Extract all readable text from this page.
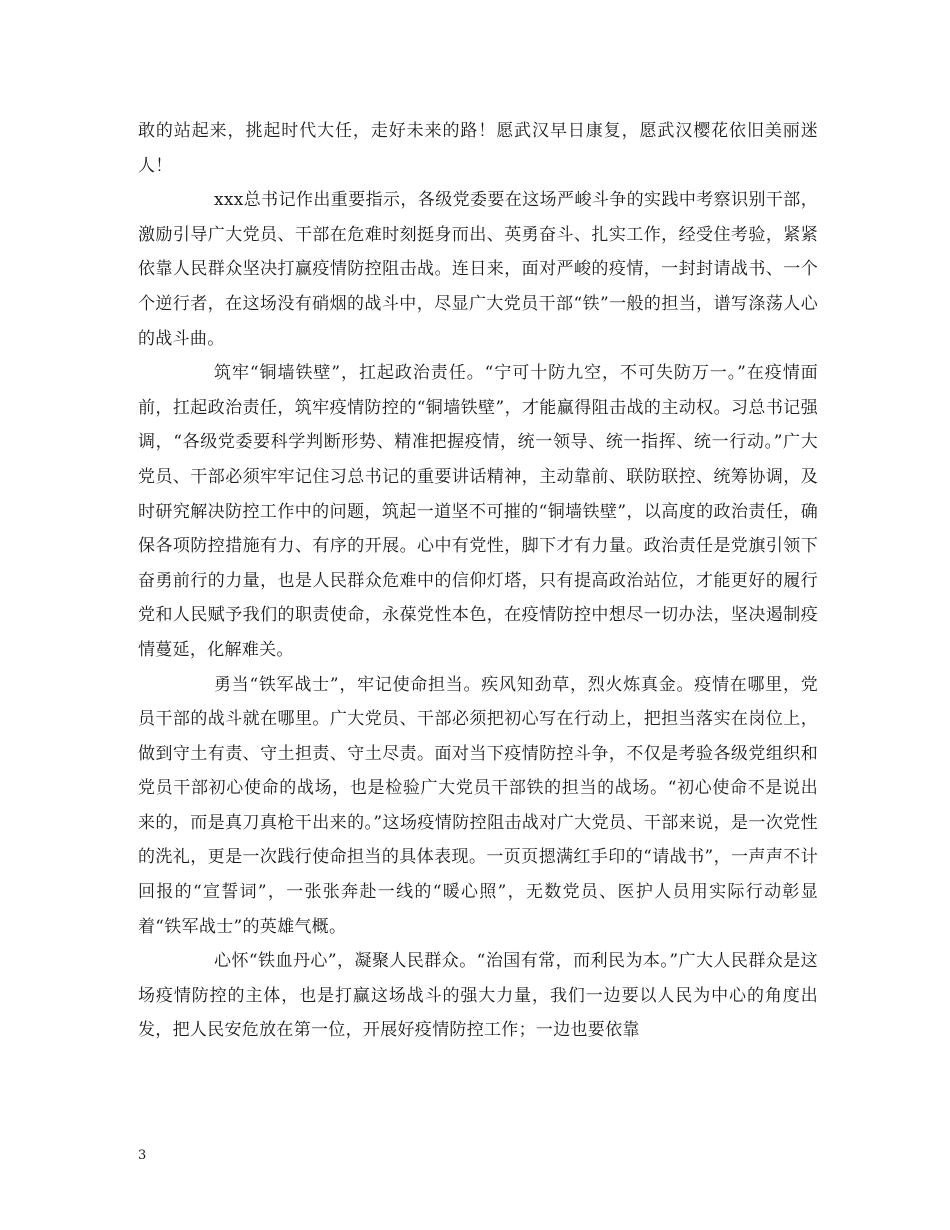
敢的站起来，挑起时代大任，走好未来的路！愿武汉早日康复，愿武汉樱花依旧美丽迷人！

xxx总书记作出重要指示，各级党委要在这场严峻斗争的实践中考察识别干部，激励引导广大党员、干部在危难时刻挺身而出、英勇奋斗、扎实工作，经受住考验，紧紧依靠人民群众坚决打赢疫情防控阻击战。连日来，面对严峻的疫情，一封封请战书、一个个逆行者，在这场没有硝烟的战斗中，尽显广大党员干部“铁”一般的担当，谱写涤荡人心的战斗曲。

筑牢“铜墙铁壁”，扛起政治责任。“宁可十防九空，不可失防万一。”在疫情面前，扛起政治责任，筑牢疫情防控的“铜墙铁壁”，才能赢得阻击战的主动权。习总书记强调，“各级党委要科学判断形势、精准把握疫情，统一领导、统一指挥、统一行动。”广大党员、干部必须牢牢记住习总书记的重要讲话精神，主动靠前、联防联控、统筹协调，及时研究解决防控工作中的问题，筑起一道坚不可摧的“铜墙铁壁”，以高度的政治责任，确保各项防控措施有力、有序的开展。心中有党性，脚下才有力量。政治责任是党旗引领下奋勇前行的力量，也是人民群众危难中的信仰灯塔，只有提高政治站位，才能更好的履行党和人民赋予我们的职责使命，永葆党性本色，在疫情防控中想尽一切办法，坚决遏制疫情蔓延，化解难关。

勇当“铁军战士”，牢记使命担当。疾风知劲草，烈火炼真金。疫情在哪里，党员干部的战斗就在哪里。广大党员、干部必须把初心写在行动上，把担当落实在岗位上，做到守土有责、守土担责、守土尽责。面对当下疫情防控斗争，不仅是考验各级党组织和党员干部初心使命的战场，也是检验广大党员干部铁的担当的战场。“初心使命不是说出来的，而是真刀真枪干出来的。”这场疫情防控阻击战对广大党员、干部来说，是一次党性的洗礼，更是一次践行使命担当的具体表现。一页页摁满红手印的“请战书”，一声声不计回报的“宣誓词”，一张张奔赴一线的“暖心照”，无数党员、医护人员用实际行动彰显着“铁军战士”的英雄气概。

心怀“铁血丹心”，凝聚人民群众。“治国有常，而利民为本。”广大人民群众是这场疫情防控的主体，也是打赢这场战斗的强大力量，我们一边要以人民为中心的角度出发，把人民安危放在第一位，开展好疫情防控工作；一边也要依靠

3
